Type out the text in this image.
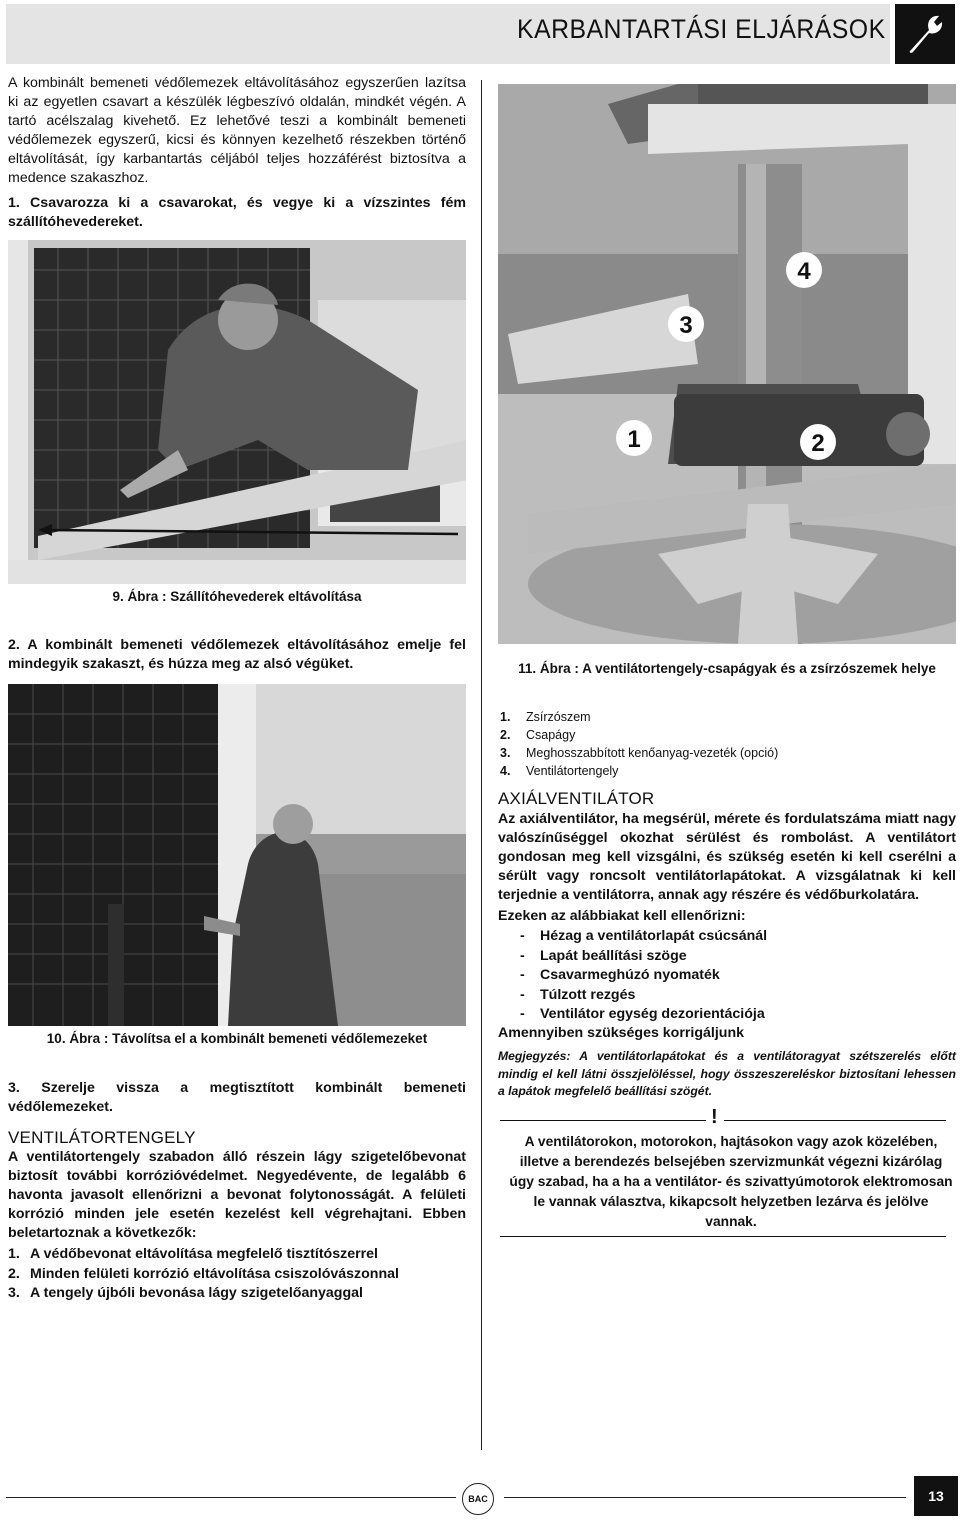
KARBANTARTÁSI ELJÁRÁSOK
A kombinált bemeneti védőlemezek eltávolításához egyszerűen lazítsa ki az egyetlen csavart a készülék légbeszívó oldalán, mindkét végén. A tartó acélszalag kivehető. Ez lehetővé teszi a kombinált bemeneti védőlemezek egyszerű, kicsi és könnyen kezelhető részekben történő eltávolítását, így karbantartás céljából teljes hozzáférést biztosítva a medence szakaszhoz.
1. Csavarozza ki a csavarokat, és vegye ki a vízszintes fém szállítóhevedereket.
9. Ábra : Szállítóhevederek eltávolítása
2. A kombinált bemeneti védőlemezek eltávolításához emelje fel mindegyik szakaszt, és húzza meg az alsó végüket.
10. Ábra : Távolítsa el a kombinált bemeneti védőlemezeket
3. Szerelje vissza a megtisztított kombinált bemeneti védőlemezeket.
VENTILÁTORTENGELY
A ventilátortengely szabadon álló részein lágy szigetelőbevonat biztosít további korrózióvédelmet. Negyedévente, de legalább 6 havonta javasolt ellenőrizni a bevonat folytonosságát. A felületi korrózió minden jele esetén kezelést kell végrehajtani. Ebben beletartoznak a következők:
1. A védőbevonat eltávolítása megfelelő tisztítószerrel
2. Minden felületi korrózió eltávolítása csiszolóvászonnal
3. A tengely újbóli bevonása lágy szigetelőanyaggal
4
3
1	2
11. Ábra : A ventilátortengely-csapágyak és a zsírzószemek helye
1. Zsírzószem
2. Csapágy
3. Meghosszabbított kenőanyag-vezeték (opció)
4. Ventilátortengely
AXIÁLVENTILÁTOR
Az axiálventilátor, ha megsérül, mérete és fordulatszáma miatt nagy valószínűséggel okozhat sérülést és rombolást. A ventilátort gondosan meg kell vizsgálni, és szükség esetén ki kell cserélni a sérült vagy roncsolt ventilátorlapátokat. A vizsgálatnak ki kell terjednie a ventilátorra, annak agy részére és védőburkolatára.
Ezeken az alábbiakat kell ellenőrizni:
- Hézag a ventilátorlapát csúcsánál
- Lapát beállítási szöge
- Csavarmeghúzó nyomaték
- Túlzott rezgés
- Ventilátor egység dezorientációja
Amennyiben szükséges korrigáljunk
Megjegyzés: A ventilátorlapátokat és a ventilátoragyat szétszerelés előtt mindig el kell látni összjelöléssel, hogy összeszereléskor biztosítani lehessen a lapátok megfelelő beállítási szögét.
!
A ventilátorokon, motorokon, hajtásokon vagy azok közelében, illetve a berendezés belsejében szervizmunkát végezni kizárólag úgy szabad, ha a ha a ventilátor- és szivattyúmotorok elektromosan le vannak választva, kikapcsolt helyzetben lezárva és jelölve vannak.
BAC	13
